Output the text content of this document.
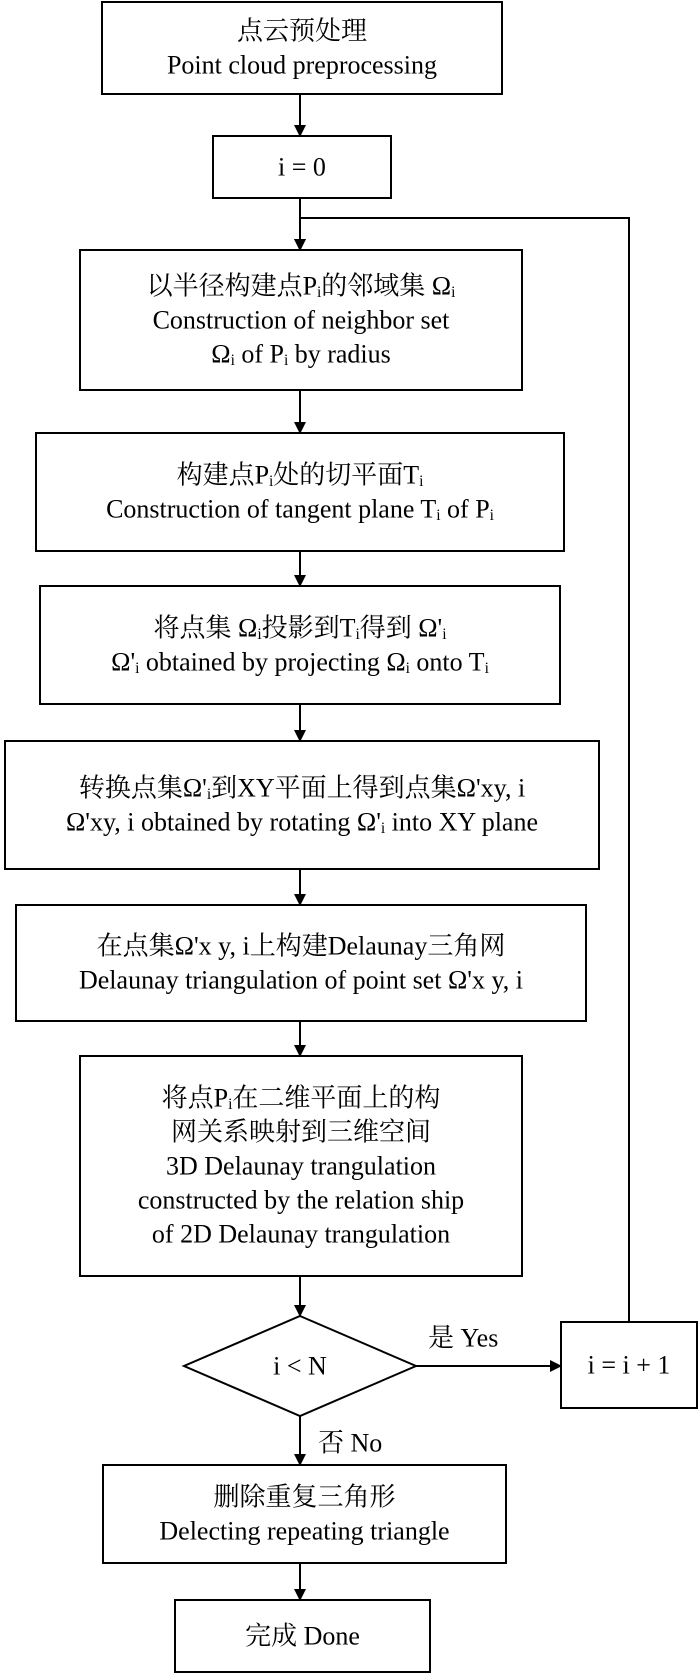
点云预处理
Point cloud preprocessing
i = 0
以半径构建点Pᵢ的邻域集 Ωᵢ
Construction of neighbor set
Ωᵢ of Pᵢ by radius
构建点Pᵢ处的切平面Tᵢ
Construction of tangent plane Tᵢ of Pᵢ
将点集 Ωᵢ投影到Tᵢ得到 Ω'ᵢ
Ω'ᵢ obtained by projecting Ωᵢ onto Tᵢ
转换点集Ω'ᵢ到XY平面上得到点集Ω'xy, i
Ω'xy, i obtained by rotating Ω'ᵢ into XY plane
在点集Ω'x y, i上构建Delaunay三角网
Delaunay triangulation of point set Ω'x y, i
将点Pᵢ在二维平面上的构
网关系映射到三维空间
3D Delaunay trangulation
constructed by the relation ship
of 2D Delaunay trangulation
i < N	i = i + 1
删除重复三角形
Delecting repeating triangle
完成 Done
是 Yes
否 No
